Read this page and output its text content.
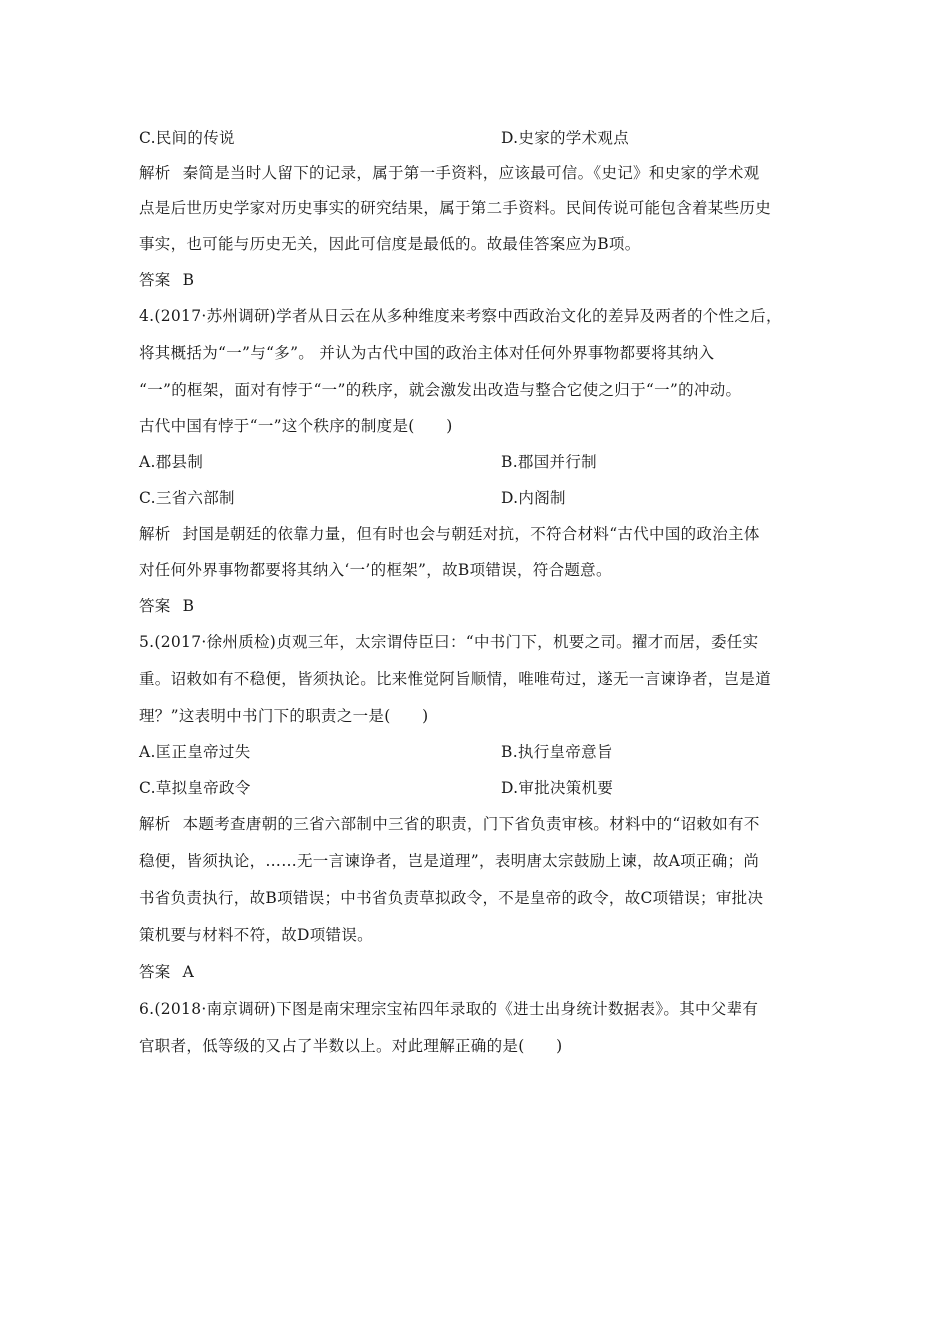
C.民间的传说	D.史家的学术观点
解析 秦简是当时人留下的记录，属于第一手资料，应该最可信。《史记》和史家的学术观
点是后世历史学家对历史事实的研究结果，属于第二手资料。民间传说可能包含着某些历史
事实，也可能与历史无关，因此可信度是最低的。故最佳答案应为B项。
答案 B
4.(2017·苏州调研)学者从日云在从多种维度来考察中西政治文化的差异及两者的个性之后，
将其概括为“一”与“多”。 并认为古代中国的政治主体对任何外界事物都要将其纳入
“一”的框架，面对有悖于“一”的秩序，就会激发出改造与整合它使之归于“一”的冲动。
古代中国有悖于“一”这个秩序的制度是(　　)
A.郡县制	B.郡国并行制
C.三省六部制	D.内阁制
解析 封国是朝廷的依靠力量，但有时也会与朝廷对抗，不符合材料“古代中国的政治主体
对任何外界事物都要将其纳入‘一’的框架”，故B项错误，符合题意。
答案 B
5.(2017·徐州质检)贞观三年，太宗谓侍臣曰：“中书门下，机要之司。擢才而居，委任实
重。诏敕如有不稳便，皆须执论。比来惟觉阿旨顺情，唯唯苟过，遂无一言谏诤者，岂是道
理？”这表明中书门下的职责之一是(　　)
A.匡正皇帝过失	B.执行皇帝意旨
C.草拟皇帝政令	D.审批决策机要
解析 本题考查唐朝的三省六部制中三省的职责，门下省负责审核。材料中的“诏敕如有不
稳便，皆须执论，……无一言谏诤者，岂是道理”，表明唐太宗鼓励上谏，故A项正确；尚
书省负责执行，故B项错误；中书省负责草拟政令，不是皇帝的政令，故C项错误；审批决
策机要与材料不符，故D项错误。
答案 A
6.(2018·南京调研)下图是南宋理宗宝祐四年录取的《进士出身统计数据表》。其中父辈有
官职者，低等级的又占了半数以上。对此理解正确的是(　　)
